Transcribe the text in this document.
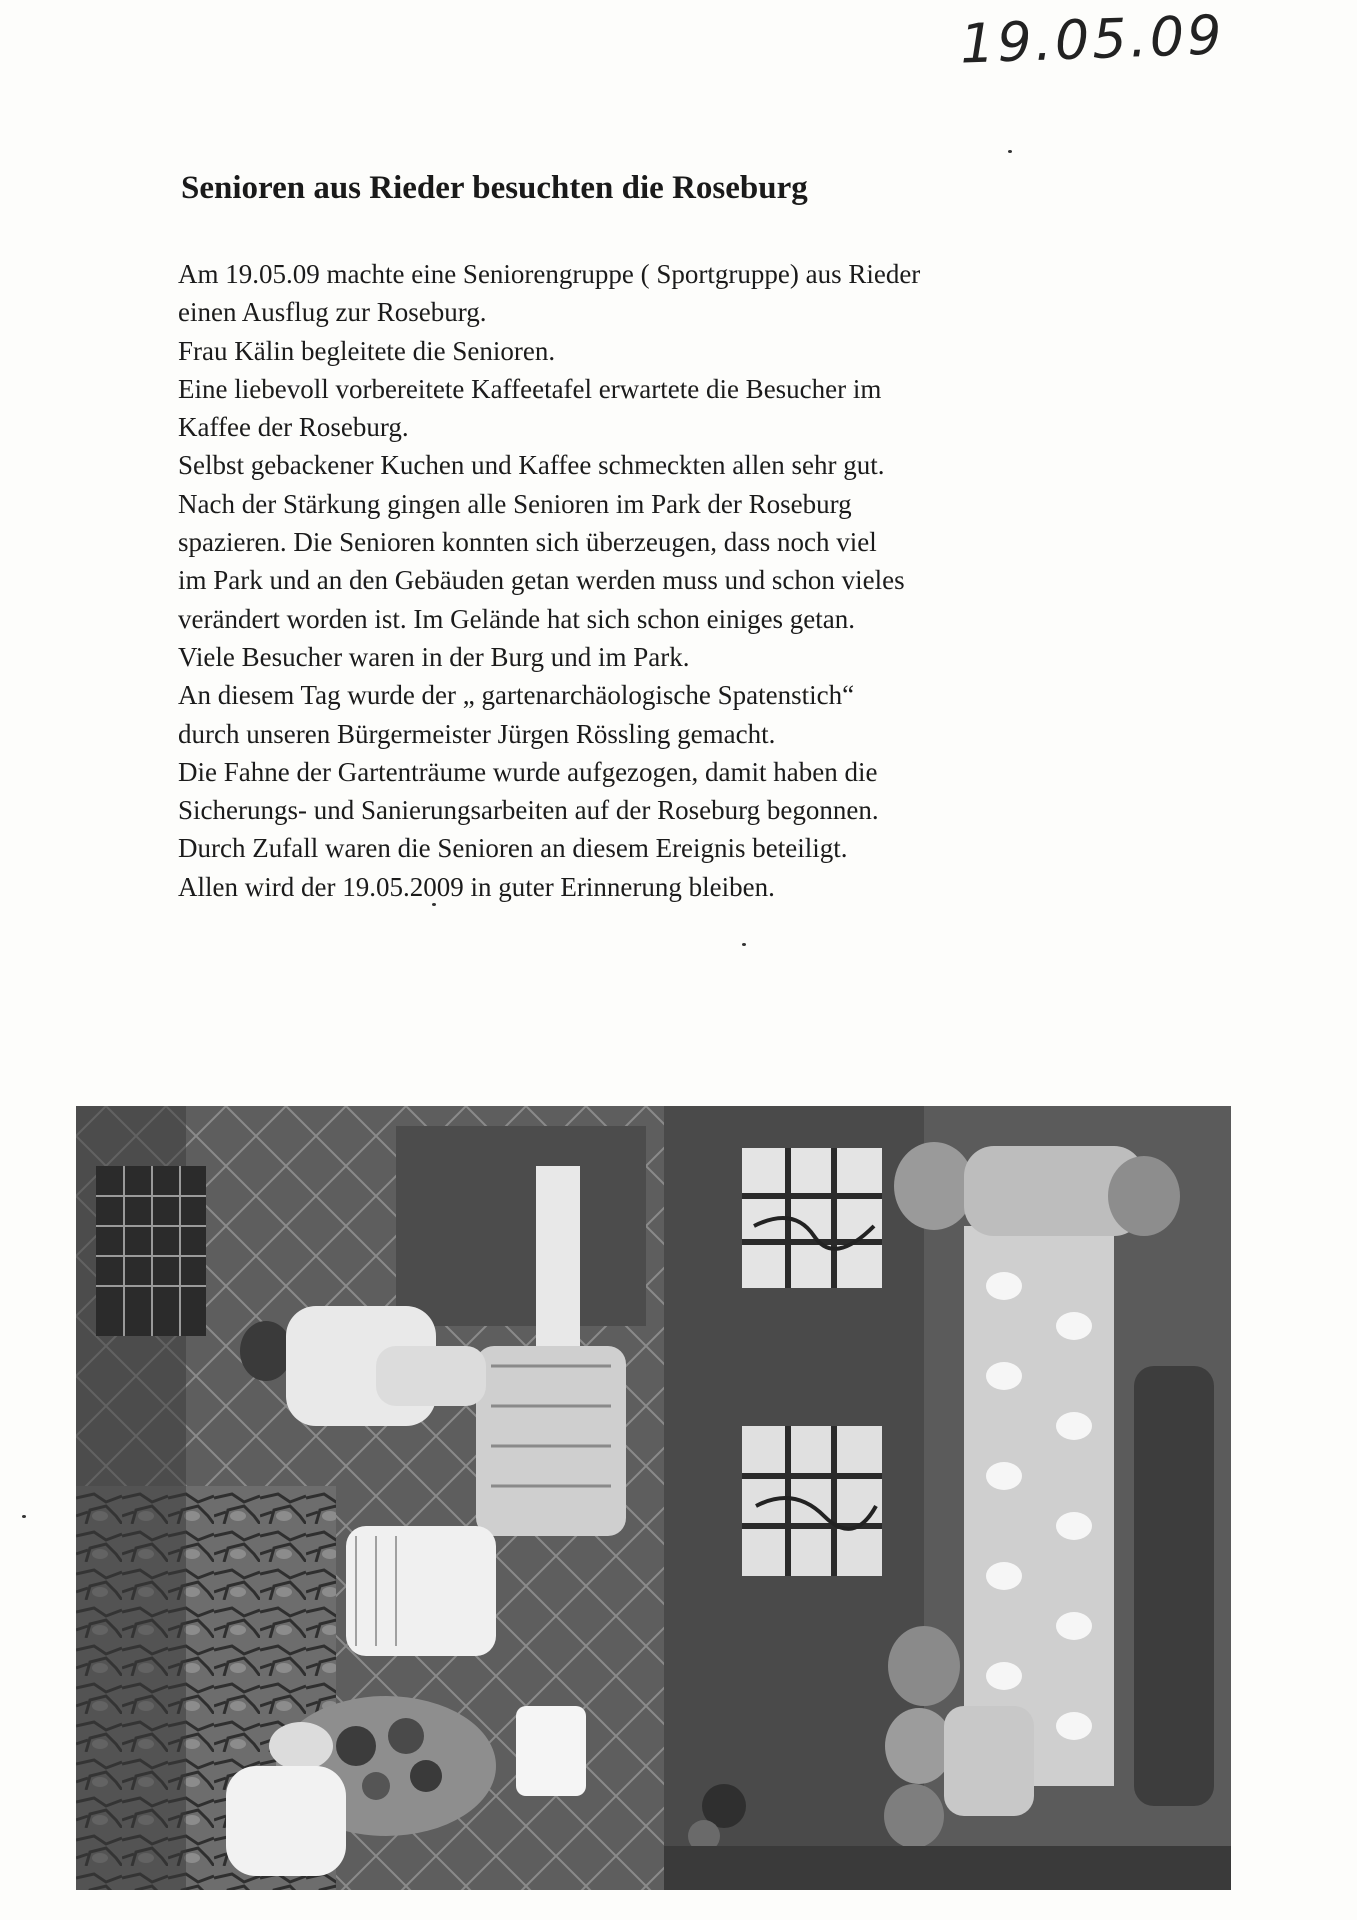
19.05.09
Senioren aus Rieder besuchten die Roseburg
Am 19.05.09 machte eine Seniorengruppe ( Sportgruppe) aus Rieder
einen Ausflug zur Roseburg.
Frau Kälin begleitete die Senioren.
Eine liebevoll vorbereitete Kaffeetafel erwartete die Besucher im
Kaffee der Roseburg.
Selbst gebackener Kuchen und Kaffee schmeckten allen sehr gut.
Nach der Stärkung gingen alle Senioren im Park der Roseburg
spazieren. Die Senioren konnten sich überzeugen, dass noch viel
im Park und an den Gebäuden getan werden muss und schon vieles
verändert worden ist. Im Gelände hat sich schon einiges getan.
Viele Besucher waren in der Burg und im Park.
An diesem Tag wurde der „ gartenarchäologische Spatenstich“
durch unseren Bürgermeister Jürgen Rössling gemacht.
Die Fahne der Gartenträume wurde aufgezogen, damit haben die
Sicherungs- und Sanierungsarbeiten auf der Roseburg begonnen.
Durch Zufall waren die Senioren an diesem Ereignis beteiligt.
Allen wird der 19.05.2009 in guter Erinnerung bleiben.
